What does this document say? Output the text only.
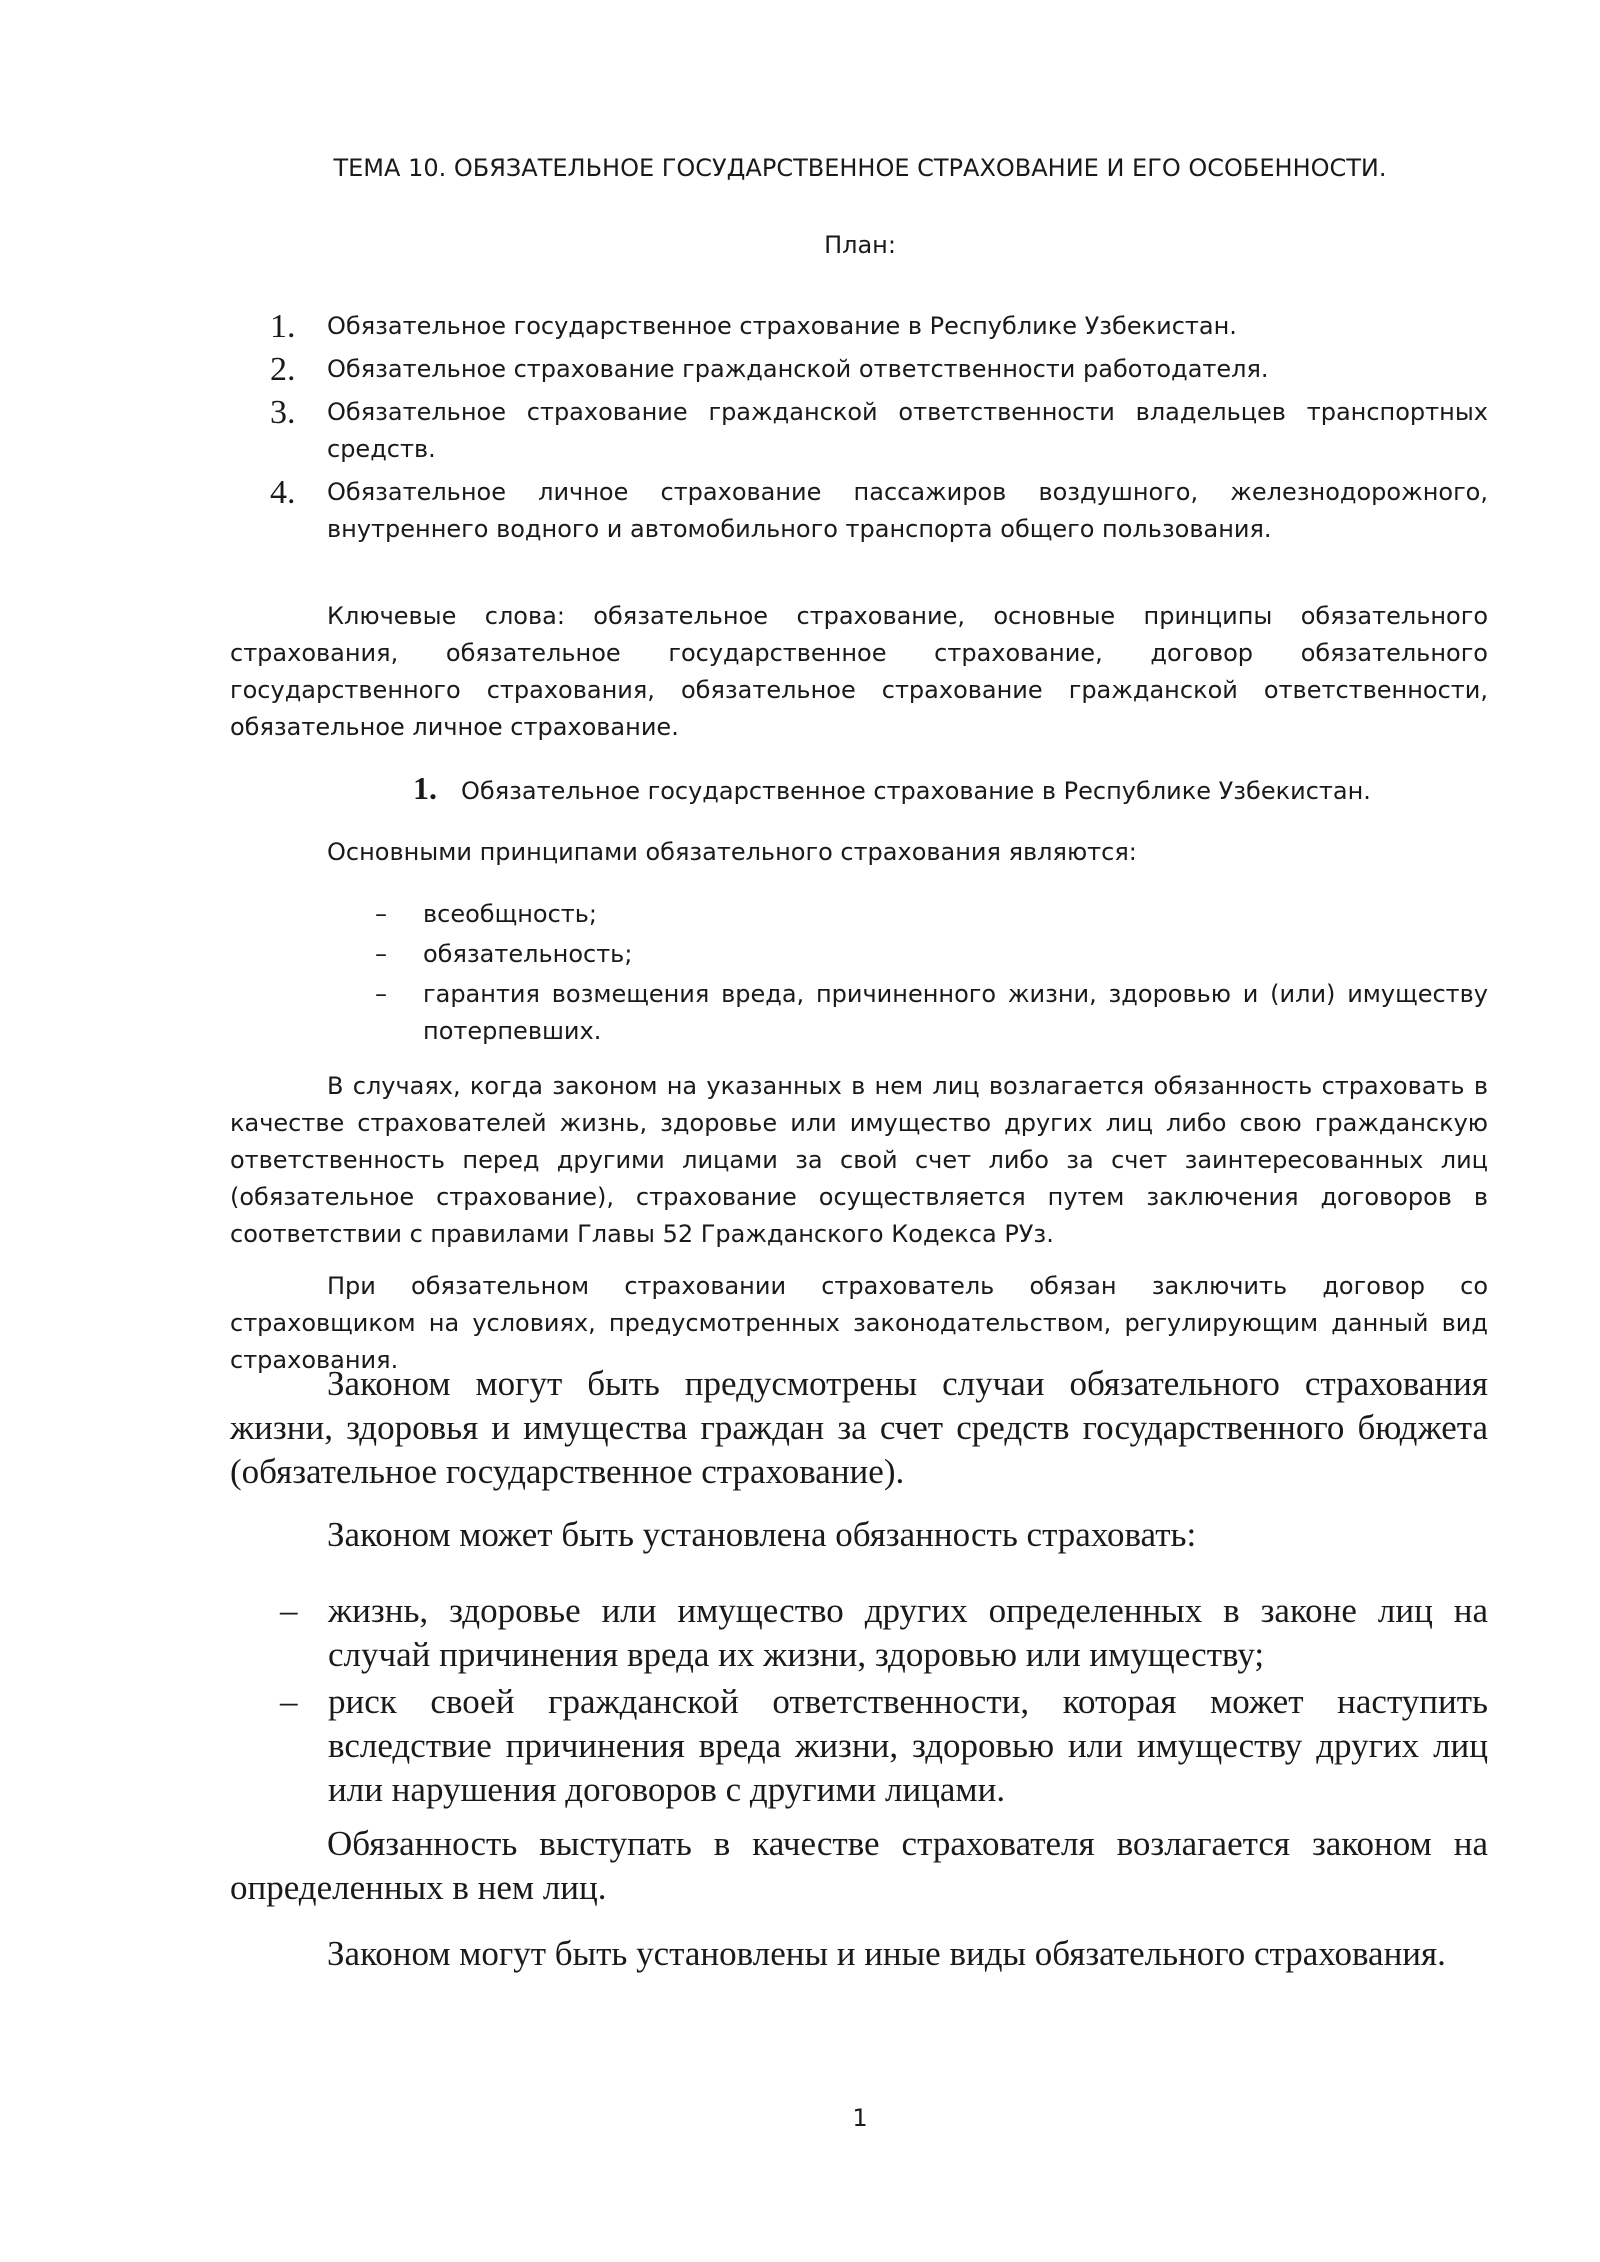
ТЕМА 10. ОБЯЗАТЕЛЬНОЕ ГОСУДАРСТВЕННОЕ СТРАХОВАНИЕ И ЕГО ОСОБЕННОСТИ.
План:
1.	Обязательное государственное страхование в Республике Узбекистан.
2.	Обязательное страхование гражданской ответственности работодателя.
3.	Обязательное страхование гражданской ответственности владельцев транспортных средств.
4.	Обязательное личное страхование пассажиров воздушного, железнодорожного, внутреннего водного и автомобильного транспорта общего пользования.
Ключевые слова: обязательное страхование, основные принципы обязательного страхования, обязательное государственное страхование, договор обязательного государственного страхования, обязательное страхование гражданской ответственности, обязательное личное страхование.
1.	Обязательное государственное страхование в Республике Узбекистан.
Основными принципами обязательного страхования являются:
–	всеобщность;
–	обязательность;
–	гарантия возмещения вреда, причиненного жизни, здоровью и (или) имуществу потерпевших.
В случаях, когда законом на указанных в нем лиц возлагается обязанность страховать в качестве страхователей жизнь, здоровье или имущество других лиц либо свою гражданскую ответственность перед другими лицами за свой счет либо за счет заинтересованных лиц (обязательное страхование), страхование осуществляется путем заключения договоров в соответствии с правилами Главы 52 Гражданского Кодекса РУз.
При обязательном страховании страхователь обязан заключить договор со страховщиком на условиях, предусмотренных законодательством, регулирующим данный вид страхования.
Законом могут быть предусмотрены случаи обязательного страхования жизни, здоровья и имущества граждан за счет средств государственного бюджета (обязательное государственное страхование).
Законом может быть установлена обязанность страховать:
– жизнь, здоровье или имущество других определенных в законе лиц на случай причинения вреда их жизни, здоровью или имуществу;
– риск своей гражданской ответственности, которая может наступить вследствие причинения вреда жизни, здоровью или имуществу других лиц или нарушения договоров с другими лицами.
Обязанность выступать в качестве страхователя возлагается законом на определенных в нем лиц.
Законом могут быть установлены и иные виды обязательного страхования.
1
